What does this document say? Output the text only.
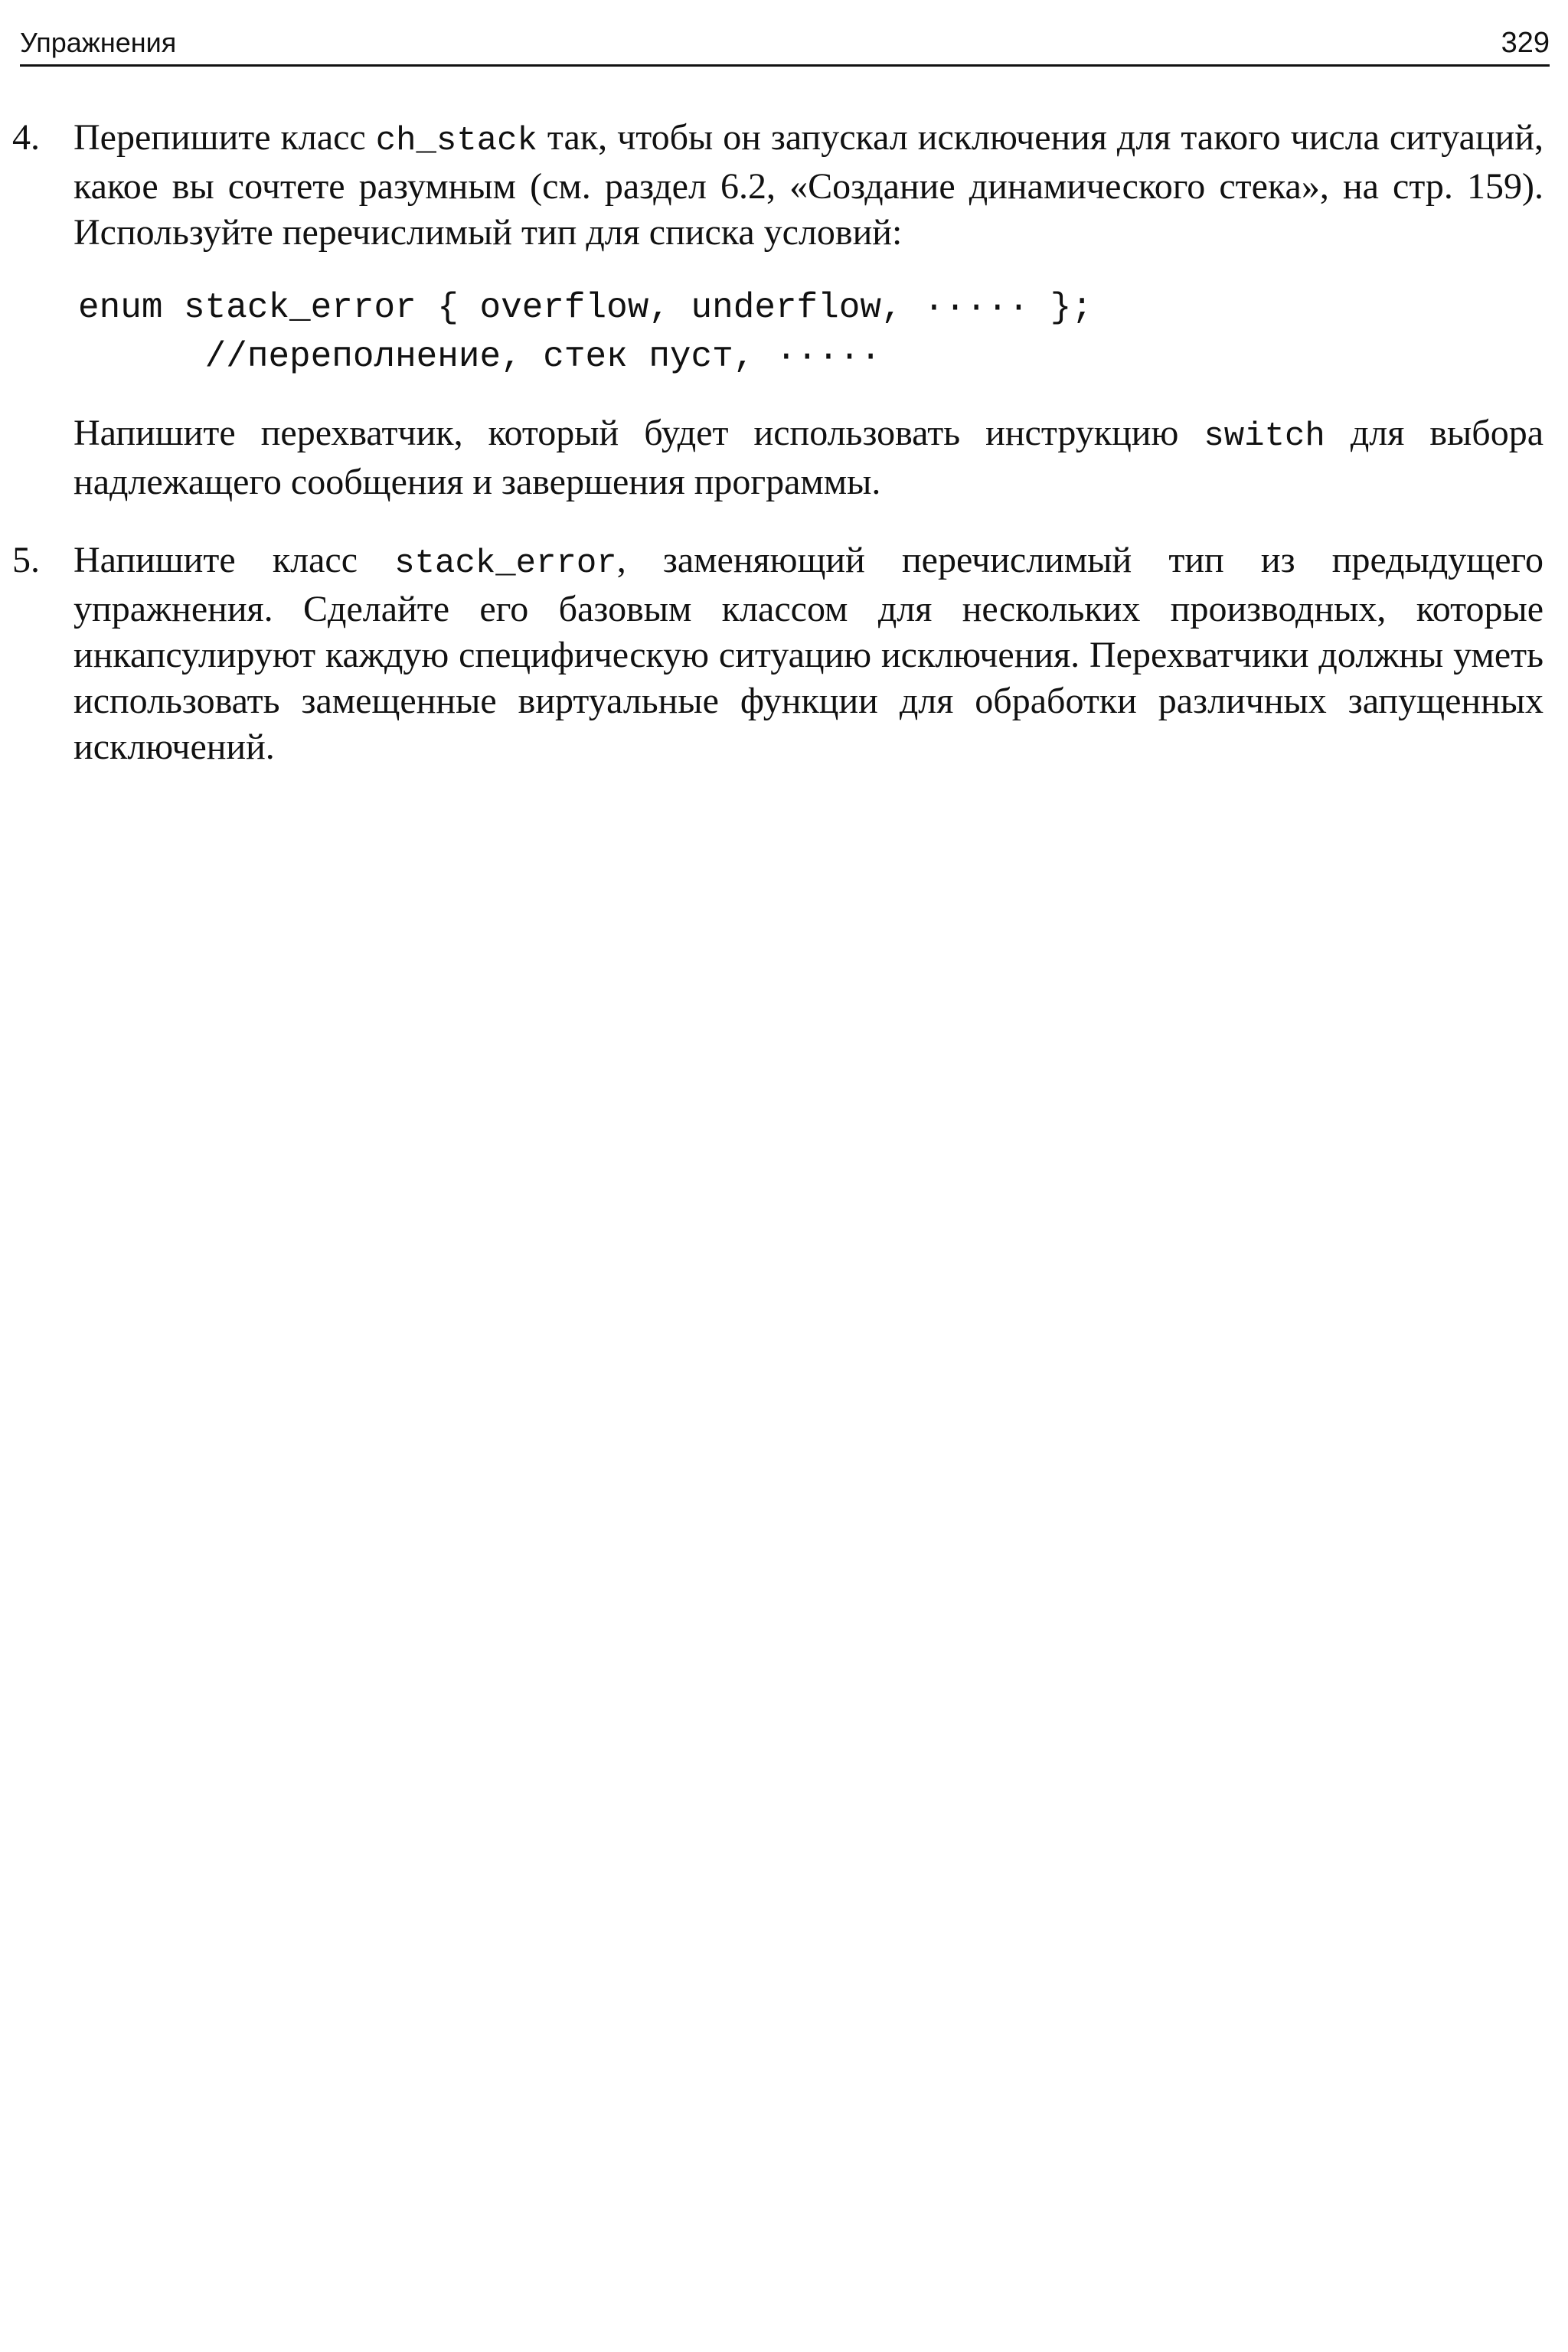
Упражнения	329
4. Перепишите класс ch_stack так, чтобы он запускал исключения для такого числа ситуаций, какое вы сочтете разумным (см. раздел 6.2, «Создание динамического стека», на стр. 159). Используйте перечислимый тип для списка условий:

enum stack_error { overflow, underflow, ····· };
//переполнение, стек пуст, ·····

Напишите перехватчик, который будет использовать инструкцию switch для выбора надлежащего сообщения и завершения программы.

5. Напишите класс stack_error, заменяющий перечислимый тип из предыдущего упражнения. Сделайте его базовым классом для нескольких производных, которые инкапсулируют каждую специфическую ситуацию исключения. Перехватчики должны уметь использовать замещенные виртуальные функции для обработки различных запущенных исключений.
